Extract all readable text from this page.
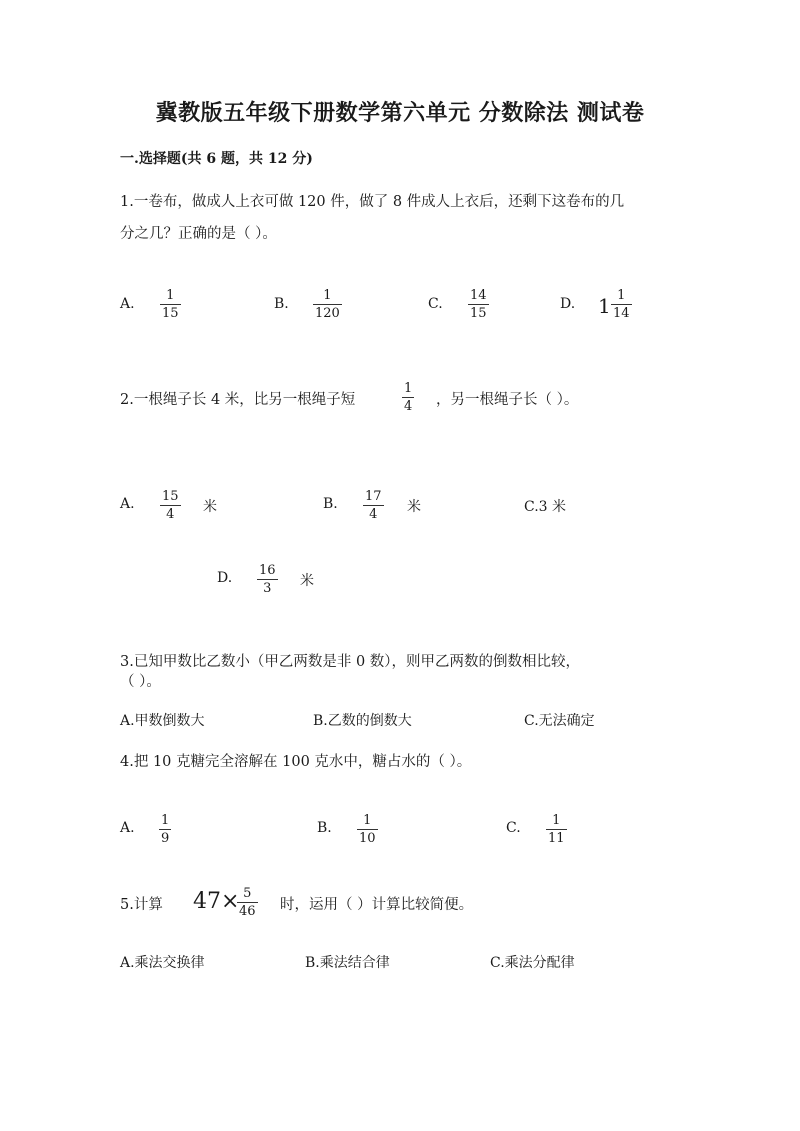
冀教版五年级下册数学第六单元 分数除法 测试卷
一.选择题(共 6 题，共 12 分)
1.一卷布，做成人上衣可做 120 件，做了 8 件成人上衣后，还剩下这卷布的几
分之几？正确的是（ ）。
A.
1
15
B.
1
120
C.
14
15
D. 1 1
14
2.一根绳子长 4 米，比另一根绳子短
1
4 ，另一根绳子长（ ）。
A. 15
4 米	B. 17
4 米	C.3 米
D. 16
3 米
3.已知甲数比乙数小（甲乙两数是非 0 数），则甲乙两数的倒数相比较，
（ ）。
A.甲数倒数大	B.乙数的倒数大	C.无法确定
4.把 10 克糖完全溶解在 100 克水中，糖占水的（ ）。
A. 1
9
B. 1
10
C. 1
11
5.计算 47× 5
46 时，运用（ ）计算比较简便。
A.乘法交换律	B.乘法结合律	C.乘法分配律
